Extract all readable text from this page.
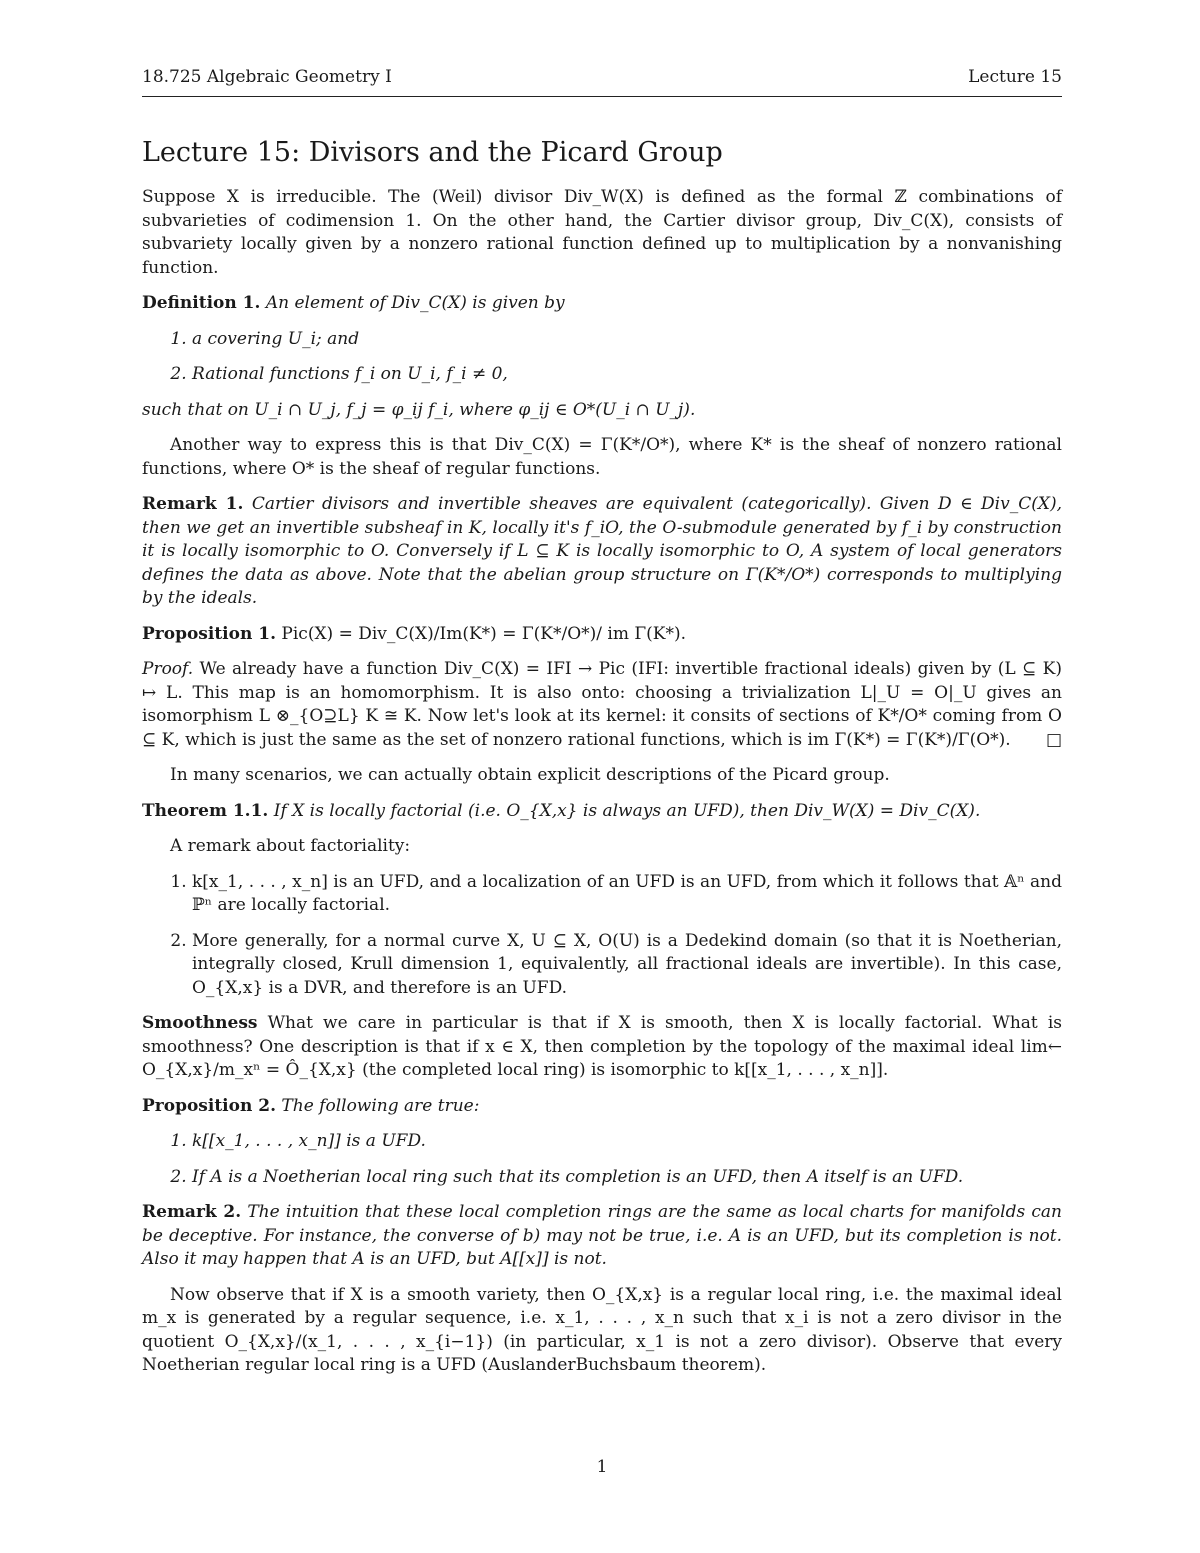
18.725 Algebraic Geometry I	Lecture 15
Lecture 15: Divisors and the Picard Group

Suppose X is irreducible. The (Weil) divisor Div_W(X) is defined as the formal ℤ combinations of subvarieties of codimension 1. On the other hand, the Cartier divisor group, Div_C(X), consists of subvariety locally given by a nonzero rational function defined up to multiplication by a nonvanishing function.

Definition 1. An element of Div_C(X) is given by

1. a covering U_i; and
2. Rational functions f_i on U_i, f_i ≠ 0,

such that on U_i ∩ U_j, f_j = φ_ij f_i, where φ_ij ∈ O*(U_i ∩ U_j).

Another way to express this is that Div_C(X) = Γ(K*/O*), where K* is the sheaf of nonzero rational functions, where O* is the sheaf of regular functions.

Remark 1. Cartier divisors and invertible sheaves are equivalent (categorically). Given D ∈ Div_C(X), then we get an invertible subsheaf in K, locally it's f_iO, the O-submodule generated by f_i by construction it is locally isomorphic to O. Conversely if L ⊆ K is locally isomorphic to O, A system of local generators defines the data as above. Note that the abelian group structure on Γ(K*/O*) corresponds to multiplying by the ideals.

Proposition 1. Pic(X) = Div_C(X)/Im(K*) = Γ(K*/O*)/ im Γ(K*).

Proof. We already have a function Div_C(X) = IFI → Pic (IFI: invertible fractional ideals) given by (L ⊆ K) ↦ L. This map is an homomorphism. It is also onto: choosing a trivialization L|_U = O|_U gives an isomorphism L ⊗_{O⊇L} K ≅ K. Now let's look at its kernel: it consits of sections of K*/O* coming from O ⊆ K, which is just the same as the set of nonzero rational functions, which is im Γ(K*) = Γ(K*)/Γ(O*). □

In many scenarios, we can actually obtain explicit descriptions of the Picard group.

Theorem 1.1. If X is locally factorial (i.e. O_{X,x} is always an UFD), then Div_W(X) = Div_C(X).

A remark about factoriality:

1. k[x_1, . . . , x_n] is an UFD, and a localization of an UFD is an UFD, from which it follows that 𝔸ⁿ and ℙⁿ are locally factorial.
2. More generally, for a normal curve X, U ⊆ X, O(U) is a Dedekind domain (so that it is Noetherian, integrally closed, Krull dimension 1, equivalently, all fractional ideals are invertible). In this case, O_{X,x} is a DVR, and therefore is an UFD.

Smoothness What we care in particular is that if X is smooth, then X is locally factorial. What is smoothness? One description is that if x ∈ X, then completion by the topology of the maximal ideal lim← O_{X,x}/m_xⁿ = Ô_{X,x} (the completed local ring) is isomorphic to k[[x_1, . . . , x_n]].

Proposition 2. The following are true:

1. k[[x_1, . . . , x_n]] is a UFD.
2. If A is a Noetherian local ring such that its completion is an UFD, then A itself is an UFD.

Remark 2. The intuition that these local completion rings are the same as local charts for manifolds can be deceptive. For instance, the converse of b) may not be true, i.e. A is an UFD, but its completion is not. Also it may happen that A is an UFD, but A[[x]] is not.

Now observe that if X is a smooth variety, then O_{X,x} is a regular local ring, i.e. the maximal ideal m_x is generated by a regular sequence, i.e. x_1, . . . , x_n such that x_i is not a zero divisor in the quotient O_{X,x}/(x_1, . . . , x_{i−1}) (in particular, x_1 is not a zero divisor). Observe that every Noetherian regular local ring is a UFD (AuslanderBuchsbaum theorem).

1
